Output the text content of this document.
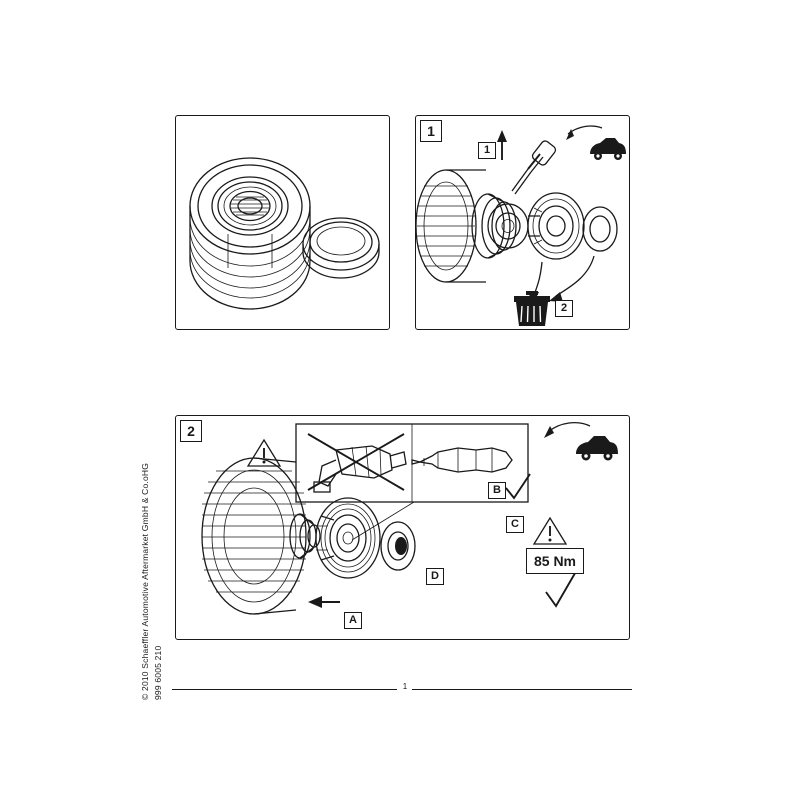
1
1
2
2
A
B
C
D
85 Nm
© 2010 Schaeffler Automotive Aftermarket GmbH & Co.oHG 999 6005 210	1
